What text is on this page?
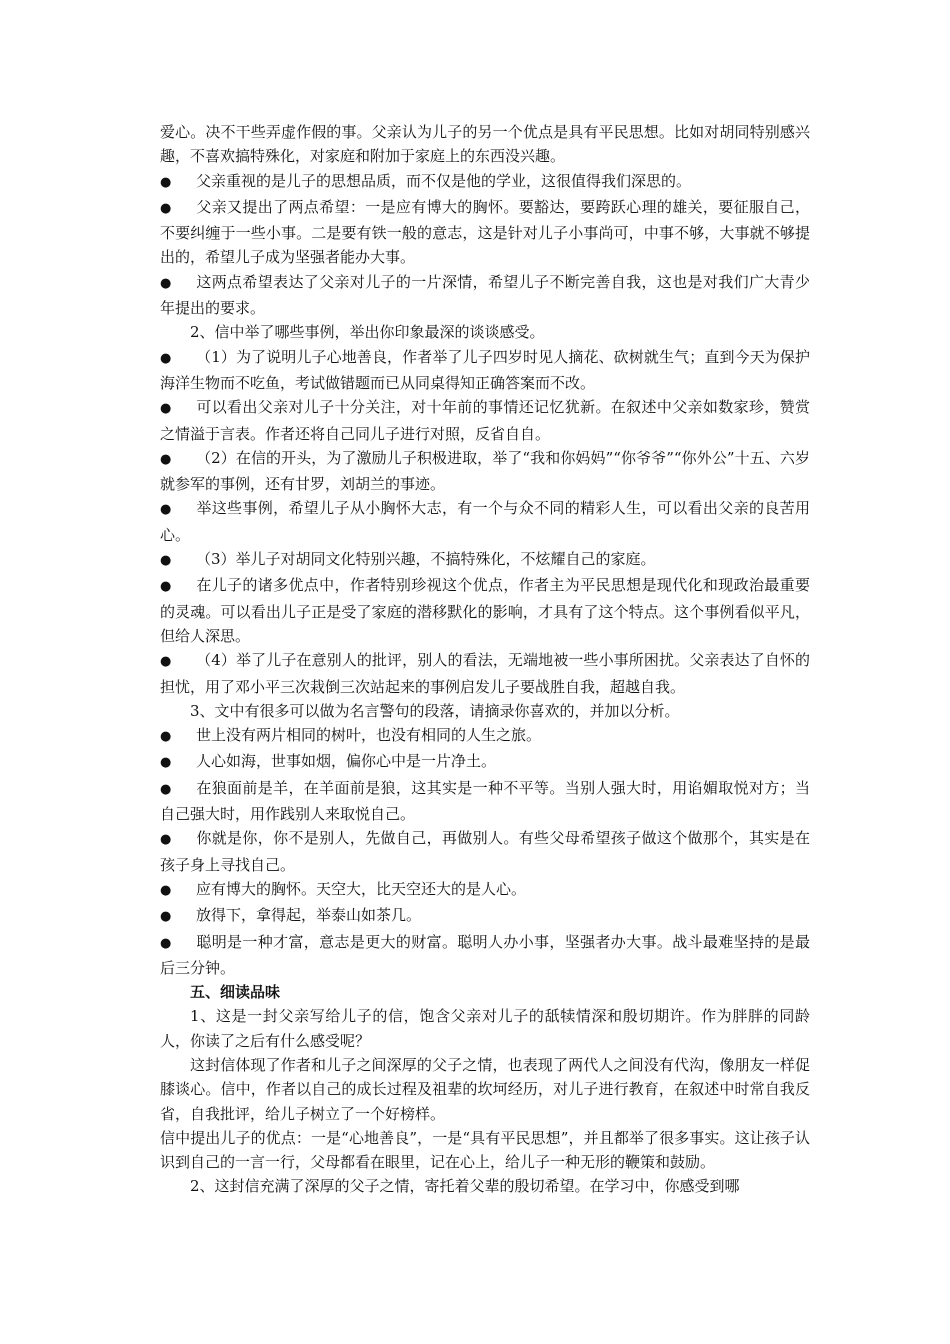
爱心。决不干些弄虚作假的事。父亲认为儿子的另一个优点是具有平民思想。比如对胡同特别感兴趣，不喜欢搞特殊化，对家庭和附加于家庭上的东西没兴趣。

● 父亲重视的是儿子的思想品质，而不仅是他的学业，这很值得我们深思的。

● 父亲又提出了两点希望：一是应有博大的胸怀。要豁达，要跨跃心理的雄关，要征服自己，不要纠缠于一些小事。二是要有铁一般的意志，这是针对儿子小事尚可，中事不够，大事就不够提出的，希望儿子成为坚强者能办大事。

● 这两点希望表达了父亲对儿子的一片深情，希望儿子不断完善自我，这也是对我们广大青少年提出的要求。

2、信中举了哪些事例，举出你印象最深的谈谈感受。

● （1）为了说明儿子心地善良，作者举了儿子四岁时见人摘花、砍树就生气；直到今天为保护海洋生物而不吃鱼，考试做错题而已从同桌得知正确答案而不改。

● 可以看出父亲对儿子十分关注，对十年前的事情还记忆犹新。在叙述中父亲如数家珍，赞赏之情溢于言表。作者还将自己同儿子进行对照，反省自自。

● （2）在信的开头，为了激励儿子积极进取，举了“我和你妈妈”“你爷爷”“你外公”十五、六岁就参军的事例，还有甘罗，刘胡兰的事迹。

● 举这些事例，希望儿子从小胸怀大志，有一个与众不同的精彩人生，可以看出父亲的良苦用心。

● （3）举儿子对胡同文化特别兴趣，不搞特殊化，不炫耀自己的家庭。

● 在儿子的诸多优点中，作者特别珍视这个优点，作者主为平民思想是现代化和现政治最重要的灵魂。可以看出儿子正是受了家庭的潜移默化的影响，才具有了这个特点。这个事例看似平凡，但给人深思。

● （4）举了儿子在意别人的批评，别人的看法，无端地被一些小事所困扰。父亲表达了自怀的担忧，用了邓小平三次栽倒三次站起来的事例启发儿子要战胜自我，超越自我。

3、文中有很多可以做为名言警句的段落，请摘录你喜欢的，并加以分析。

● 世上没有两片相同的树叶，也没有相同的人生之旅。

● 人心如海，世事如烟，偏你心中是一片净土。

● 在狼面前是羊，在羊面前是狼，这其实是一种不平等。当别人强大时，用谄媚取悦对方；当自己强大时，用作践别人来取悦自己。

● 你就是你，你不是别人，先做自己，再做别人。有些父母希望孩子做这个做那个，其实是在孩子身上寻找自己。

● 应有博大的胸怀。天空大，比天空还大的是人心。

● 放得下，拿得起，举泰山如茶几。

● 聪明是一种才富，意志是更大的财富。聪明人办小事，坚强者办大事。战斗最难坚持的是最后三分钟。

五、细读品味

1、这是一封父亲写给儿子的信，饱含父亲对儿子的舐犊情深和殷切期许。作为胖胖的同龄人，你读了之后有什么感受呢？

这封信体现了作者和儿子之间深厚的父子之情，也表现了两代人之间没有代沟，像朋友一样促膝谈心。信中，作者以自己的成长过程及祖辈的坎坷经历，对儿子进行教育，在叙述中时常自我反省，自我批评，给儿子树立了一个好榜样。

信中提出儿子的优点：一是“心地善良”，一是“具有平民思想”，并且都举了很多事实。这让孩子认识到自己的一言一行，父母都看在眼里，记在心上，给儿子一种无形的鞭策和鼓励。

2、这封信充满了深厚的父子之情，寄托着父辈的殷切希望。在学习中，你感受到哪
